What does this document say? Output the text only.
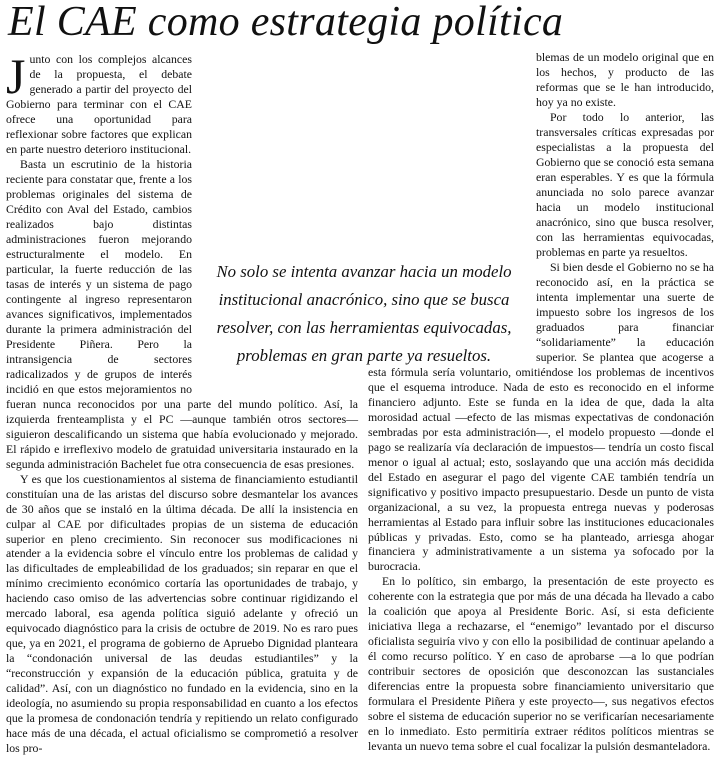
El CAE como estrategia política

Junto con los complejos alcances de la propuesta, el debate generado a partir del proyecto del Gobierno para terminar con el CAE ofrece una oportunidad para reflexionar sobre factores que explican en parte nuestro deterioro institucional.

Basta un escrutinio de la historia reciente para constatar que, frente a los problemas originales del sistema de Crédito con Aval del Estado, cambios realizados bajo distintas administraciones fueron mejorando estructuralmente el modelo. En particular, la fuerte reducción de las tasas de interés y un sistema de pago contingente al ingreso representaron avances significativos, implementados durante la primera administración del Presidente Piñera. Pero la intransigencia de sectores radicalizados y de grupos de interés incidió en que estos mejoramientos no fueran nunca reconocidos por una parte del mundo político. Así, la izquierda frenteamplista y el PC —aunque también otros sectores— siguieron descalificando un sistema que había evolucionado y mejorado. El rápido e irreflexivo modelo de gratuidad universitaria instaurado en la segunda administración Bachelet fue otra consecuencia de esas presiones.

Y es que los cuestionamientos al sistema de financiamiento estudiantil constituían una de las aristas del discurso sobre desmantelar los avances de 30 años que se instaló en la última década. De allí la insistencia en culpar al CAE por dificultades propias de un sistema de educación superior en pleno crecimiento. Sin reconocer sus modificaciones ni atender a la evidencia sobre el vínculo entre los problemas de calidad y las dificultades de empleabilidad de los graduados; sin reparar en que el mínimo crecimiento económico cortaría las oportunidades de trabajo, y haciendo caso omiso de las advertencias sobre continuar rigidizando el mercado laboral, esa agenda política siguió adelante y ofreció un equivocado diagnóstico para la crisis de octubre de 2019. No es raro pues que, ya en 2021, el programa de gobierno de Apruebo Dignidad planteara la “condonación universal de las deudas estudiantiles” y la “reconstrucción y expansión de la educación pública, gratuita y de calidad”. Así, con un diagnóstico no fundado en la evidencia, sino en la ideología, no asumiendo su propia responsabilidad en cuanto a los efectos que la promesa de condonación tendría y repitiendo un relato configurado hace más de una década, el actual oficialismo se comprometió a resolver los pro-

blemas de un modelo original que en los hechos, y producto de las reformas que se le han introducido, hoy ya no existe.

Por todo lo anterior, las transversales críticas expresadas por especialistas a la propuesta del Gobierno que se conoció esta semana eran esperables. Y es que la fórmula anunciada no solo parece avanzar hacia un modelo institucional anacrónico, sino que busca resolver, con las herramientas equivocadas, problemas en parte ya resueltos.

Si bien desde el Gobierno no se ha reconocido así, en la práctica se intenta implementar una suerte de impuesto sobre los ingresos de los graduados para financiar “solidariamente” la educación superior. Se plantea que acogerse a esta fórmula sería voluntario, omitiéndose los problemas de incentivos que el esquema introduce. Nada de esto es reconocido en el informe financiero adjunto. Este se funda en la idea de que, dada la alta morosidad actual —efecto de las mismas expectativas de condonación sembradas por esta administración—, el modelo propuesto —donde el pago se realizaría vía declaración de impuestos— tendría un costo fiscal menor o igual al actual; esto, soslayando que una acción más decidida del Estado en asegurar el pago del vigente CAE también tendría un significativo y positivo impacto presupuestario. Desde un punto de vista organizacional, a su vez, la propuesta entrega nuevas y poderosas herramientas al Estado para influir sobre las instituciones educacionales públicas y privadas. Esto, como se ha planteado, arriesga ahogar financiera y administrativamente a un sistema ya sofocado por la burocracia.

En lo político, sin embargo, la presentación de este proyecto es coherente con la estrategia que por más de una década ha llevado a cabo la coalición que apoya al Presidente Boric. Así, si esta deficiente iniciativa llega a rechazarse, el “enemigo” levantado por el discurso oficialista seguiría vivo y con ello la posibilidad de continuar apelando a él como recurso político. Y en caso de aprobarse —a lo que podrían contribuir sectores de oposición que desconozcan las sustanciales diferencias entre la propuesta sobre financiamiento universitario que formulara el Presidente Piñera y este proyecto—, sus negativos efectos sobre el sistema de educación superior no se verificarían necesariamente en lo inmediato. Esto permitiría extraer réditos políticos mientras se levanta un nuevo tema sobre el cual focalizar la pulsión desmanteladora.

No solo se intenta avanzar hacia un modelo institucional anacrónico, sino que se busca resolver, con las herramientas equivocadas, problemas en gran parte ya resueltos.
